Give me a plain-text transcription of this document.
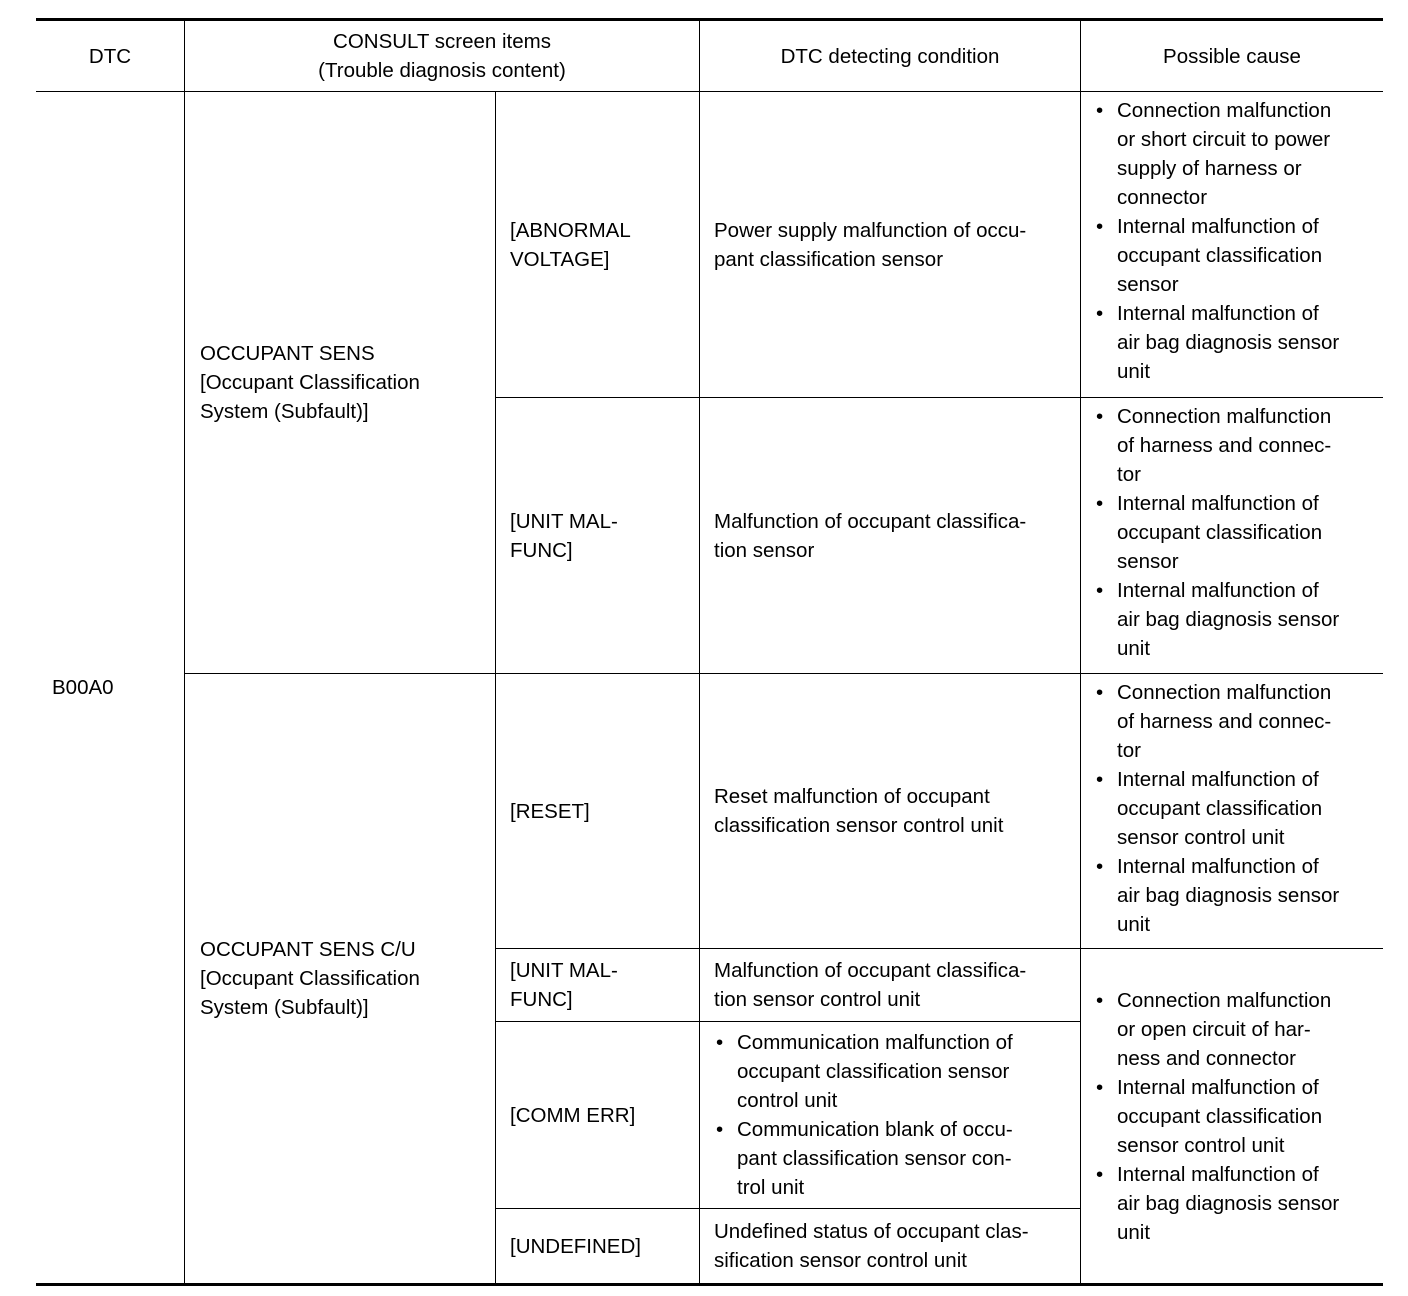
DTC
CONSULT screen items
(Trouble diagnosis content)
DTC detecting condition	Possible cause
B00A0
OCCUPANT SENS
[Occupant Classification
System (Subfault)]
OCCUPANT SENS C/U
[Occupant Classification
System (Subfault)]
[ABNORMAL
VOLTAGE]
Power supply malfunction of occu-
pant classification sensor
• Connection malfunction
or short circuit to power
supply of harness or
connector
• Internal malfunction of
occupant classification
sensor
• Internal malfunction of
air bag diagnosis sensor
unit
[UNIT MAL-
FUNC]
Malfunction of occupant classifica-
tion sensor
• Connection malfunction
of harness and connec-
tor
• Internal malfunction of
occupant classification
sensor
• Internal malfunction of
air bag diagnosis sensor
unit
[RESET]
Reset malfunction of occupant
classification sensor control unit
• Connection malfunction
of harness and connec-
tor
• Internal malfunction of
occupant classification
sensor control unit
• Internal malfunction of
air bag diagnosis sensor
unit
[UNIT MAL-
FUNC]
Malfunction of occupant classifica-
tion sensor control unit
[COMM ERR]
• Communication malfunction of
occupant classification sensor
control unit
• Communication blank of occu-
pant classification sensor con-
trol unit
[UNDEFINED]
Undefined status of occupant clas-
sification sensor control unit
• Connection malfunction
or open circuit of har-
ness and connector
• Internal malfunction of
occupant classification
sensor control unit
• Internal malfunction of
air bag diagnosis sensor
unit
